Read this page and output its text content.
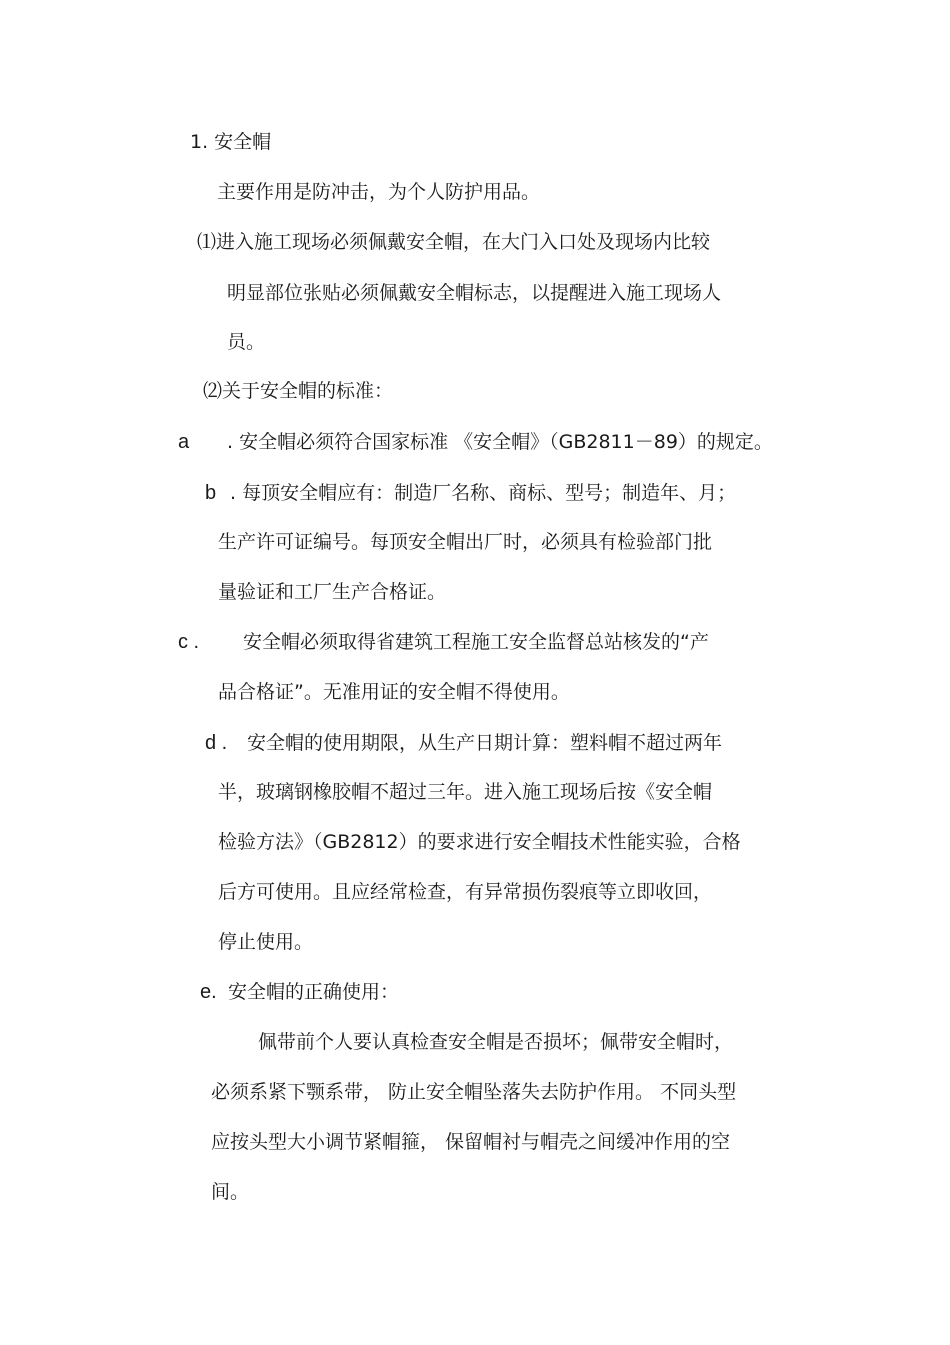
1. 安全帽
主要作用是防冲击，为个人防护用品。
⑴进入施工现场必须佩戴安全帽，在大门入口处及现场内比较
明显部位张贴必须佩戴安全帽标志，以提醒进入施工现场人
员。
⑵关于安全帽的标准：
a . 安全帽必须符合国家标准 《安全帽》（GB2811－89）的规定。
b . 每顶安全帽应有：制造厂名称、商标、型号；制造年、月；
生产许可证编号。每顶安全帽出厂时，必须具有检验部门批
量验证和工厂生产合格证。
c . 安全帽必须取得省建筑工程施工安全监督总站核发的“产
品合格证”。无准用证的安全帽不得使用。
d . 安全帽的使用期限，从生产日期计算：塑料帽不超过两年
半，玻璃钢橡胶帽不超过三年。进入施工现场后按《安全帽
检验方法》（GB2812）的要求进行安全帽技术性能实验，合格
后方可使用。且应经常检查，有异常损伤裂痕等立即收回，
停止使用。
e. 安全帽的正确使用：
佩带前个人要认真检查安全帽是否损坏；佩带安全帽时，
必须系紧下颚系带， 防止安全帽坠落失去防护作用。 不同头型
应按头型大小调节紧帽箍， 保留帽衬与帽壳之间缓冲作用的空
间。
